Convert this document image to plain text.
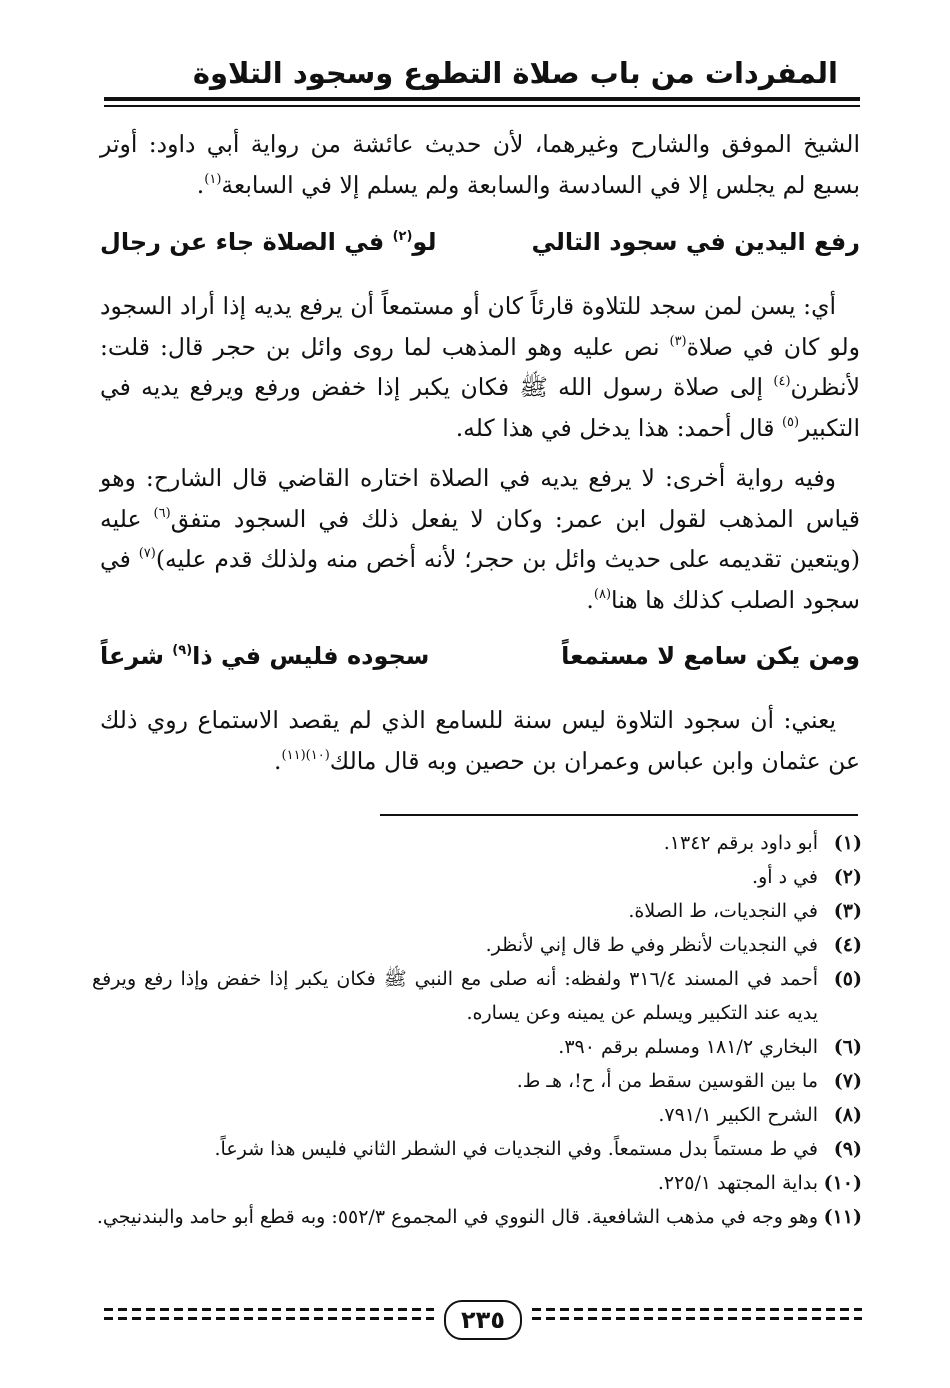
المفردات من باب صلاة التطوع وسجود التلاوة

الشيخ الموفق والشارح وغيرهما، لأن حديث عائشة من رواية أبي داود: أوتر بسبع لم يجلس إلا في السادسة والسابعة ولم يسلم إلا في السابعة$^{(١)}$.

رفع اليدين في سجود التالي
لو$^{(٢)}$ في الصلاة جاء عن رجال

أي: يسن لمن سجد للتلاوة قارئاً كان أو مستمعاً أن يرفع يديه إذا أراد السجود ولو كان في صلاة$^{(٣)}$ نص عليه وهو المذهب لما روى وائل بن حجر قال: قلت: لأنظرن$^{(٤)}$ إلى صلاة رسول الله ﷺ فكان يكبر إذا خفض ورفع ويرفع يديه في التكبير$^{(٥)}$ قال أحمد: هذا يدخل في هذا كله.

وفيه رواية أخرى: لا يرفع يديه في الصلاة اختاره القاضي قال الشارح: وهو قياس المذهب لقول ابن عمر: وكان لا يفعل ذلك في السجود متفق$^{(٦)}$ عليه (ويتعين تقديمه على حديث وائل بن حجر؛ لأنه أخص منه ولذلك قدم عليه)$^{(٧)}$ في سجود الصلب كذلك ها هنا$^{(٨)}$.

ومن يكن سامع لا مستمعاً
سجوده فليس في ذا$^{(٩)}$ شرعاً

يعني: أن سجود التلاوة ليس سنة للسامع الذي لم يقصد الاستماع روي ذلك عن عثمان وابن عباس وعمران بن حصين وبه قال مالك$^{(١٠)(١١)}$.

(١)
أبو داود برقم ١٣٤٢.
(٢)
في د أو.
(٣)
في النجديات، ط الصلاة.
(٤)
في النجديات لأنظر وفي ط قال إني لأنظر.
(٥)
أحمد في المسند ٣١٦/٤ ولفظه: أنه صلى مع النبي ﷺ فكان يكبر إذا خفض وإذا رفع ويرفع يديه عند التكبير ويسلم عن يمينه وعن يساره.
(٦)
البخاري ١٨١/٢ ومسلم برقم ٣٩٠.
(٧)
ما بين القوسين سقط من أ، ح!، هـ ط.
(٨)
الشرح الكبير ٧٩١/١.
(٩)
في ط مستماً بدل مستمعاً. وفي النجديات في الشطر الثاني فليس هذا شرعاً.
(١٠)
بداية المجتهد ٢٢٥/١.
(١١)
وهو وجه في مذهب الشافعية. قال النووي في المجموع ٥٥٢/٣: وبه قطع أبو حامد والبندنيجي.
٢٣٥
